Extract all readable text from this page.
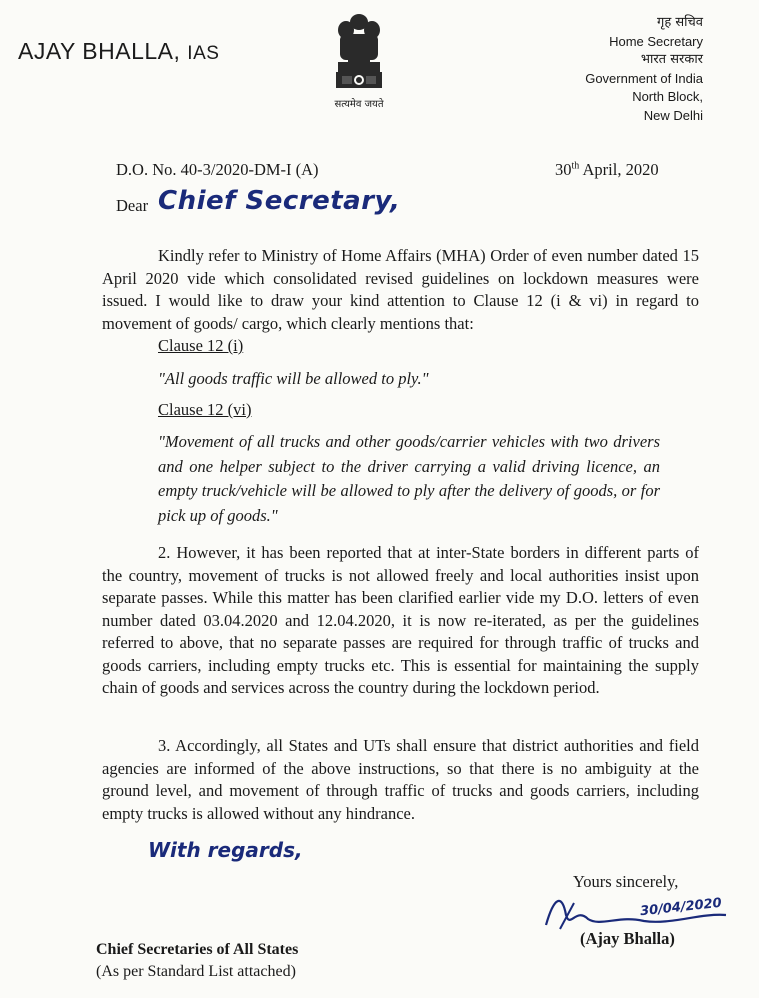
AJAY BHALLA, IAS
सत्यमेव जयते
गृह सचिव
Home Secretary
भारत सरकार
Government of India
North Block,
New Delhi
D.O. No. 40-3/2020-DM-I (A)	30th April, 2020
Dear Chief Secretary,
Kindly refer to Ministry of Home Affairs (MHA) Order of even number dated 15 April 2020 vide which consolidated revised guidelines on lockdown measures were issued. I would like to draw your kind attention to Clause 12 (i & vi) in regard to movement of goods/ cargo, which clearly mentions that:
Clause 12 (i)
"All goods traffic will be allowed to ply."
Clause 12 (vi)
"Movement of all trucks and other goods/carrier vehicles with two drivers and one helper subject to the driver carrying a valid driving licence, an empty truck/vehicle will be allowed to ply after the delivery of goods, or for pick up of goods."
2. However, it has been reported that at inter-State borders in different parts of the country, movement of trucks is not allowed freely and local authorities insist upon separate passes. While this matter has been clarified earlier vide my D.O. letters of even number dated 03.04.2020 and 12.04.2020, it is now re-iterated, as per the guidelines referred to above, that no separate passes are required for through traffic of trucks and goods carriers, including empty trucks etc. This is essential for maintaining the supply chain of goods and services across the country during the lockdown period.
3. Accordingly, all States and UTs shall ensure that district authorities and field agencies are informed of the above instructions, so that there is no ambiguity at the ground level, and movement of through traffic of trucks and goods carriers, including empty trucks is allowed without any hindrance.
With regards,
Yours sincerely,
30/04/2020
(Ajay Bhalla)
Chief Secretaries of All States
(As per Standard List attached)
